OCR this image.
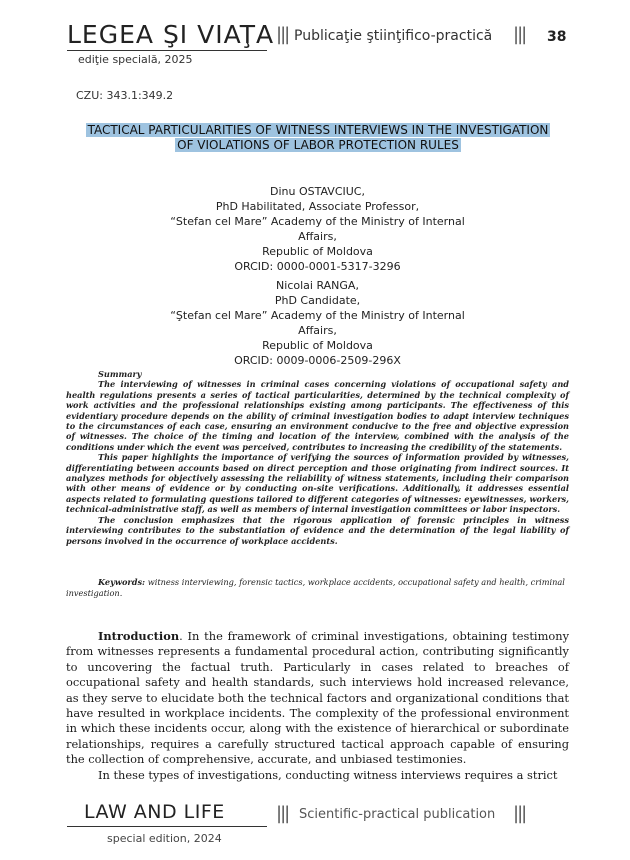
LEGEA ŞI VIAŢA
ediţie specială, 2025
||| Publicaţie ştiinţifico-practică ||| 38
CZU: 343.1:349.2
TACTICAL PARTICULARITIES OF WITNESS INTERVIEWS IN THE INVESTIGATION
OF VIOLATIONS OF LABOR PROTECTION RULES
Dinu OSTAVCIUC,
PhD Habilitated, Associate Professor,
“Stefan cel Mare” Academy of the Ministry of Internal Affairs,
Republic of Moldova
ORCID: 0000-0001-5317-3296
Nicolai RANGA,
PhD Candidate,
“Ştefan cel Mare” Academy of the Ministry of Internal Affairs,
Republic of Moldova
ORCID: 0009-0006-2509-296X

Summary

The interviewing of witnesses in criminal cases concerning violations of occupational safety and health regulations presents a series of tactical particularities, determined by the technical complexity of work activities and the professional relationships existing among participants. The effectiveness of this evidentiary procedure depends on the ability of criminal investigation bodies to adapt interview techniques to the circumstances of each case, ensuring an environment conducive to the free and objective expression of witnesses. The choice of the timing and location of the interview, combined with the analysis of the conditions under which the event was perceived, contributes to increasing the credibility of the statements.

This paper highlights the importance of verifying the sources of information provided by witnesses, differentiating between accounts based on direct perception and those originating from indirect sources. It analyzes methods for objectively assessing the reliability of witness statements, including their comparison with other means of evidence or by conducting on-site verifications. Additionally, it addresses essential aspects related to formulating questions tailored to different categories of witnesses: eyewitnesses, workers, technical-administrative staff, as well as members of internal investigation committees or labor inspectors.

The conclusion emphasizes that the rigorous application of forensic principles in witness interviewing contributes to the substantiation of evidence and the determination of the legal liability of persons involved in the occurrence of workplace accidents.

Keywords: witness interviewing, forensic tactics, workplace accidents, occupational safety and health, criminal investigation.

Introduction. In the framework of criminal investigations, obtaining testimony from witnesses represents a fundamental procedural action, contributing significantly to uncovering the factual truth. Particularly in cases related to breaches of occupational safety and health standards, such interviews hold increased relevance, as they serve to elucidate both the technical factors and organizational conditions that have resulted in workplace incidents. The complexity of the professional environment in which these incidents occur, along with the existence of hierarchical or subordinate relationships, requires a carefully structured tactical approach capable of ensuring the collection of comprehensive, accurate, and unbiased testimonies.

In these types of investigations, conducting witness interviews requires a strict

LAW AND LIFE
special edition, 2024
||| Scientific-practical publication |||
